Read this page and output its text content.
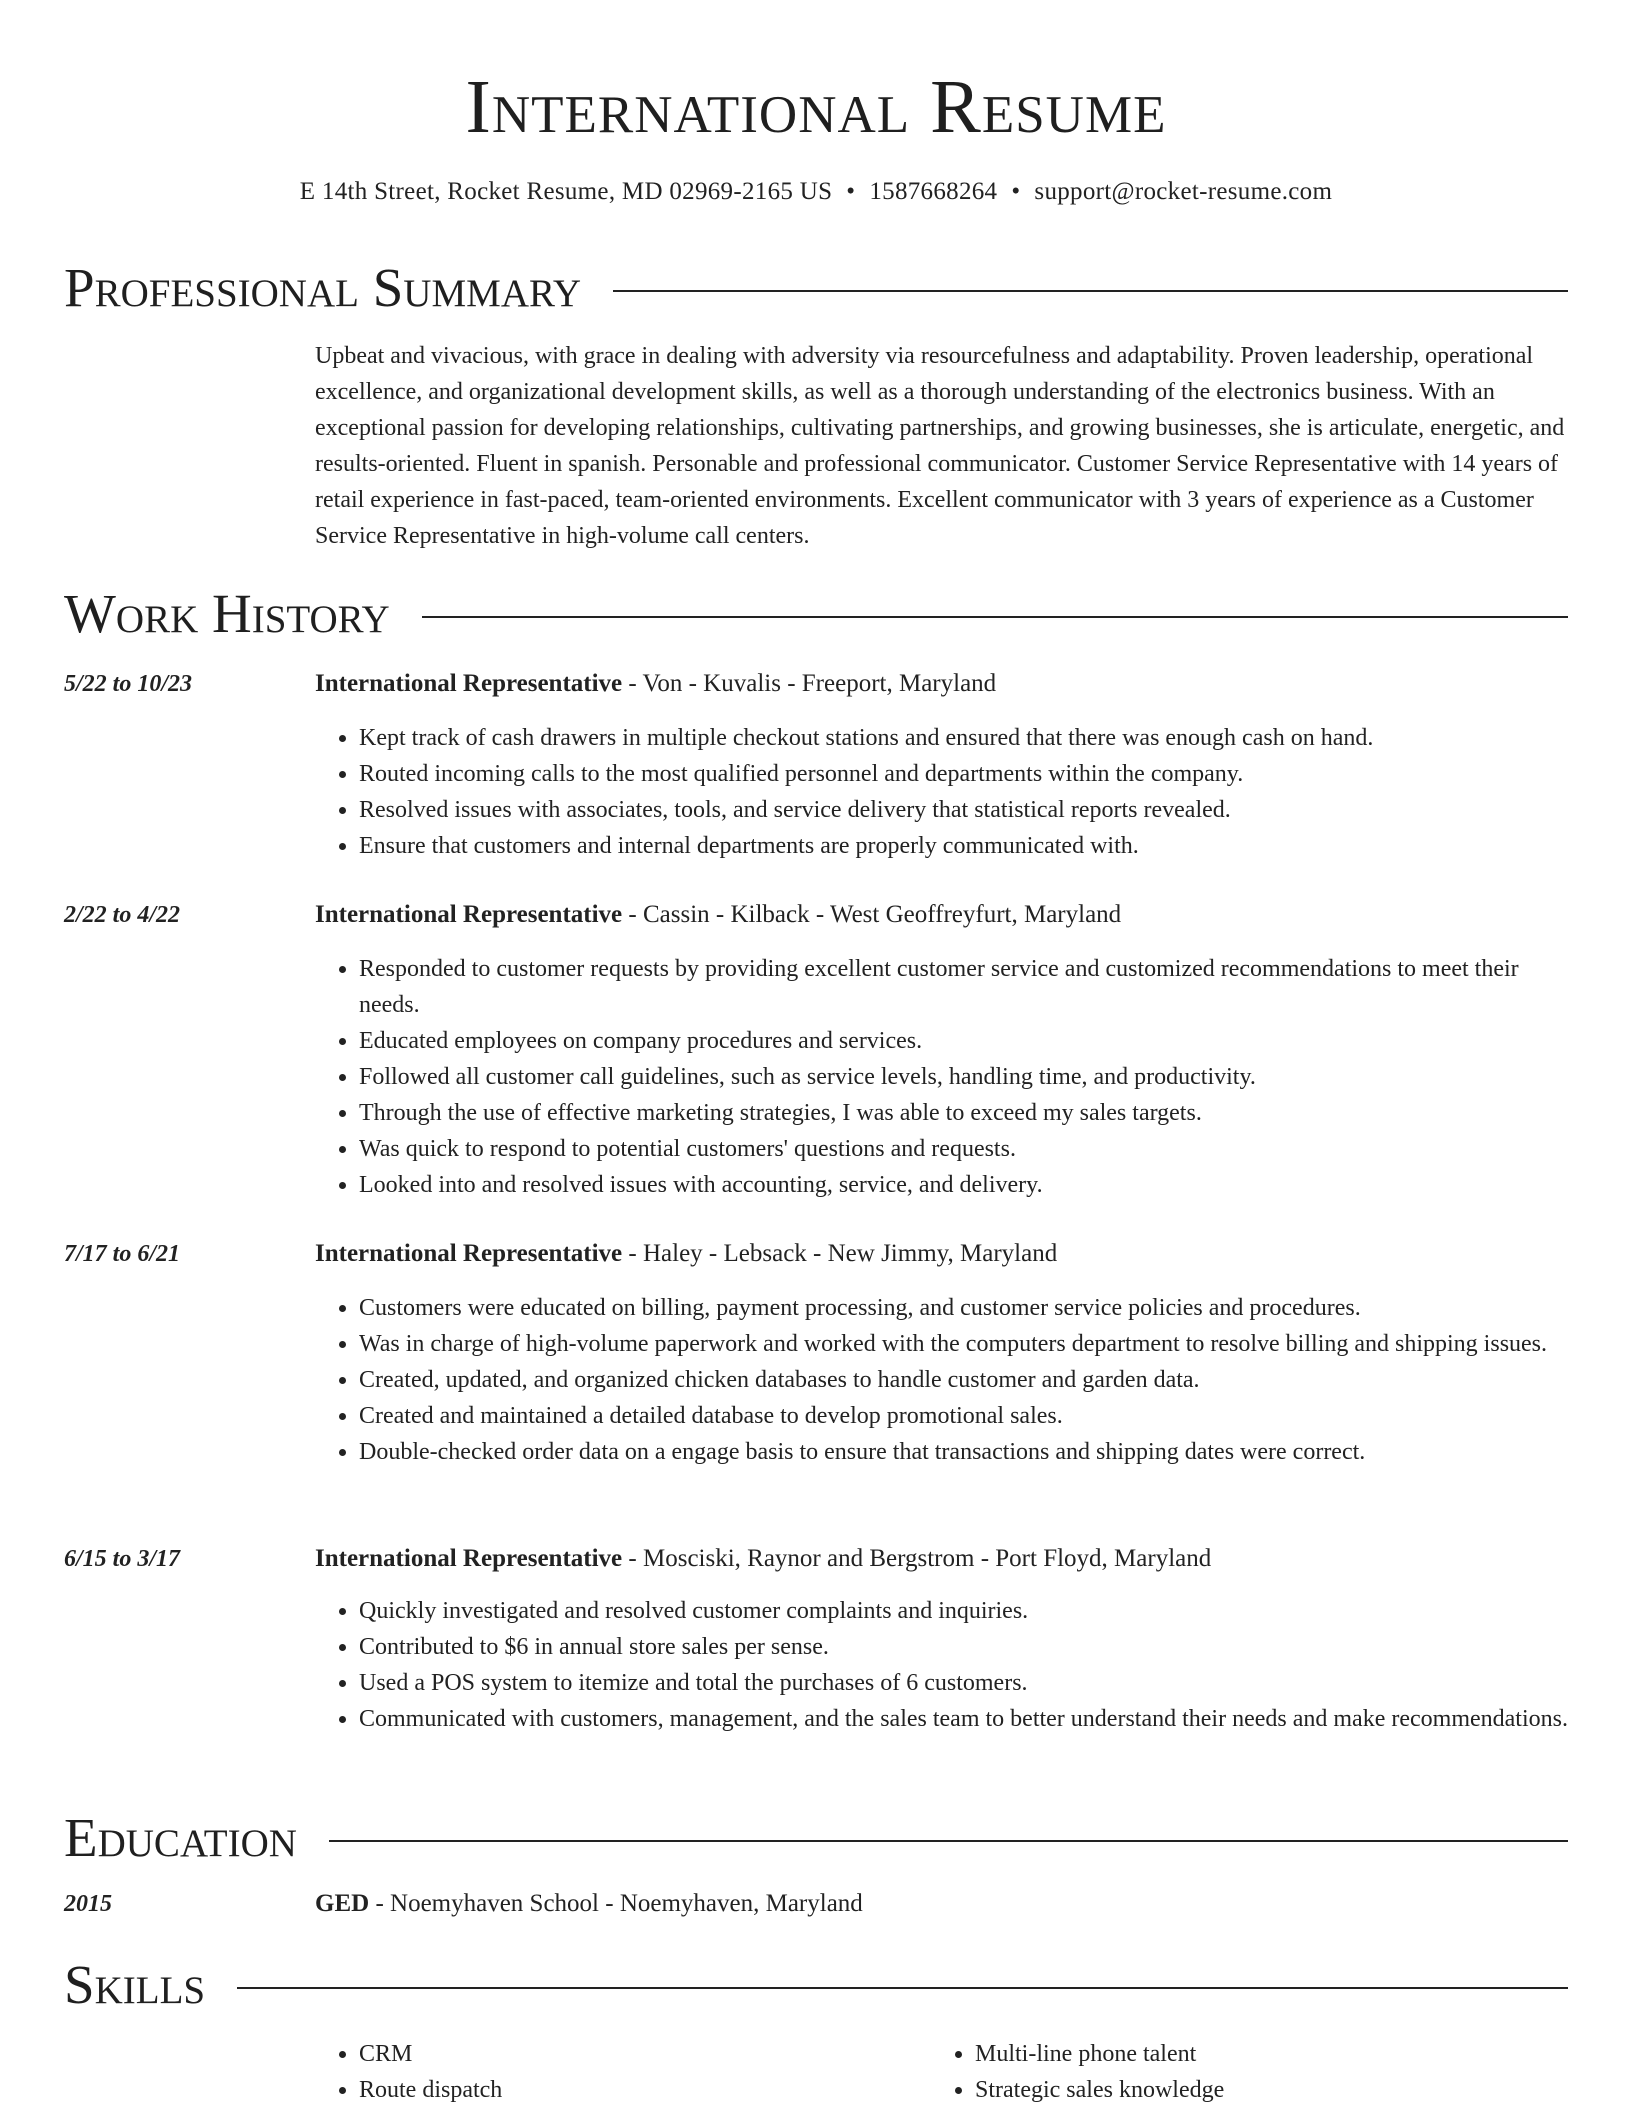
International Resume
E 14th Street, Rocket Resume, MD 02969-2165 US • 1587668264 • support@rocket-resume.com
Professional Summary

Upbeat and vivacious, with grace in dealing with adversity via resourcefulness and adaptability. Proven leadership, operational excellence, and organizational development skills, as well as a thorough understanding of the electronics business. With an exceptional passion for developing relationships, cultivating partnerships, and growing businesses, she is articulate, energetic, and results-oriented. Fluent in spanish. Personable and professional communicator. Customer Service Representative with 14 years of retail experience in fast-paced, team-oriented environments. Excellent communicator with 3 years of experience as a Customer Service Representative in high-volume call centers.

Work History
5/22 to 10/23	International Representative - Von - Kuvalis - Freeport, Maryland
• Kept track of cash drawers in multiple checkout stations and ensured that there was enough cash on hand.
• Routed incoming calls to the most qualified personnel and departments within the company.
• Resolved issues with associates, tools, and service delivery that statistical reports revealed.
• Ensure that customers and internal departments are properly communicated with.
2/22 to 4/22	International Representative - Cassin - Kilback - West Geoffreyfurt, Maryland
• Responded to customer requests by providing excellent customer service and customized recommendations to meet their needs.
• Educated employees on company procedures and services.
• Followed all customer call guidelines, such as service levels, handling time, and productivity.
• Through the use of effective marketing strategies, I was able to exceed my sales targets.
• Was quick to respond to potential customers' questions and requests.
• Looked into and resolved issues with accounting, service, and delivery.
7/17 to 6/21	International Representative - Haley - Lebsack - New Jimmy, Maryland
• Customers were educated on billing, payment processing, and customer service policies and procedures.
• Was in charge of high-volume paperwork and worked with the computers department to resolve billing and shipping issues.
• Created, updated, and organized chicken databases to handle customer and garden data.
• Created and maintained a detailed database to develop promotional sales.
• Double-checked order data on a engage basis to ensure that transactions and shipping dates were correct.
6/15 to 3/17	International Representative - Mosciski, Raynor and Bergstrom - Port Floyd, Maryland
• Quickly investigated and resolved customer complaints and inquiries.
• Contributed to $6 in annual store sales per sense.
• Used a POS system to itemize and total the purchases of 6 customers.
• Communicated with customers, management, and the sales team to better understand their needs and make recommendations.
Education
2015	GED - Noemyhaven School - Noemyhaven, Maryland
Skills
• CRM
• Route dispatch
• Multi-line phone talent
• Strategic sales knowledge
